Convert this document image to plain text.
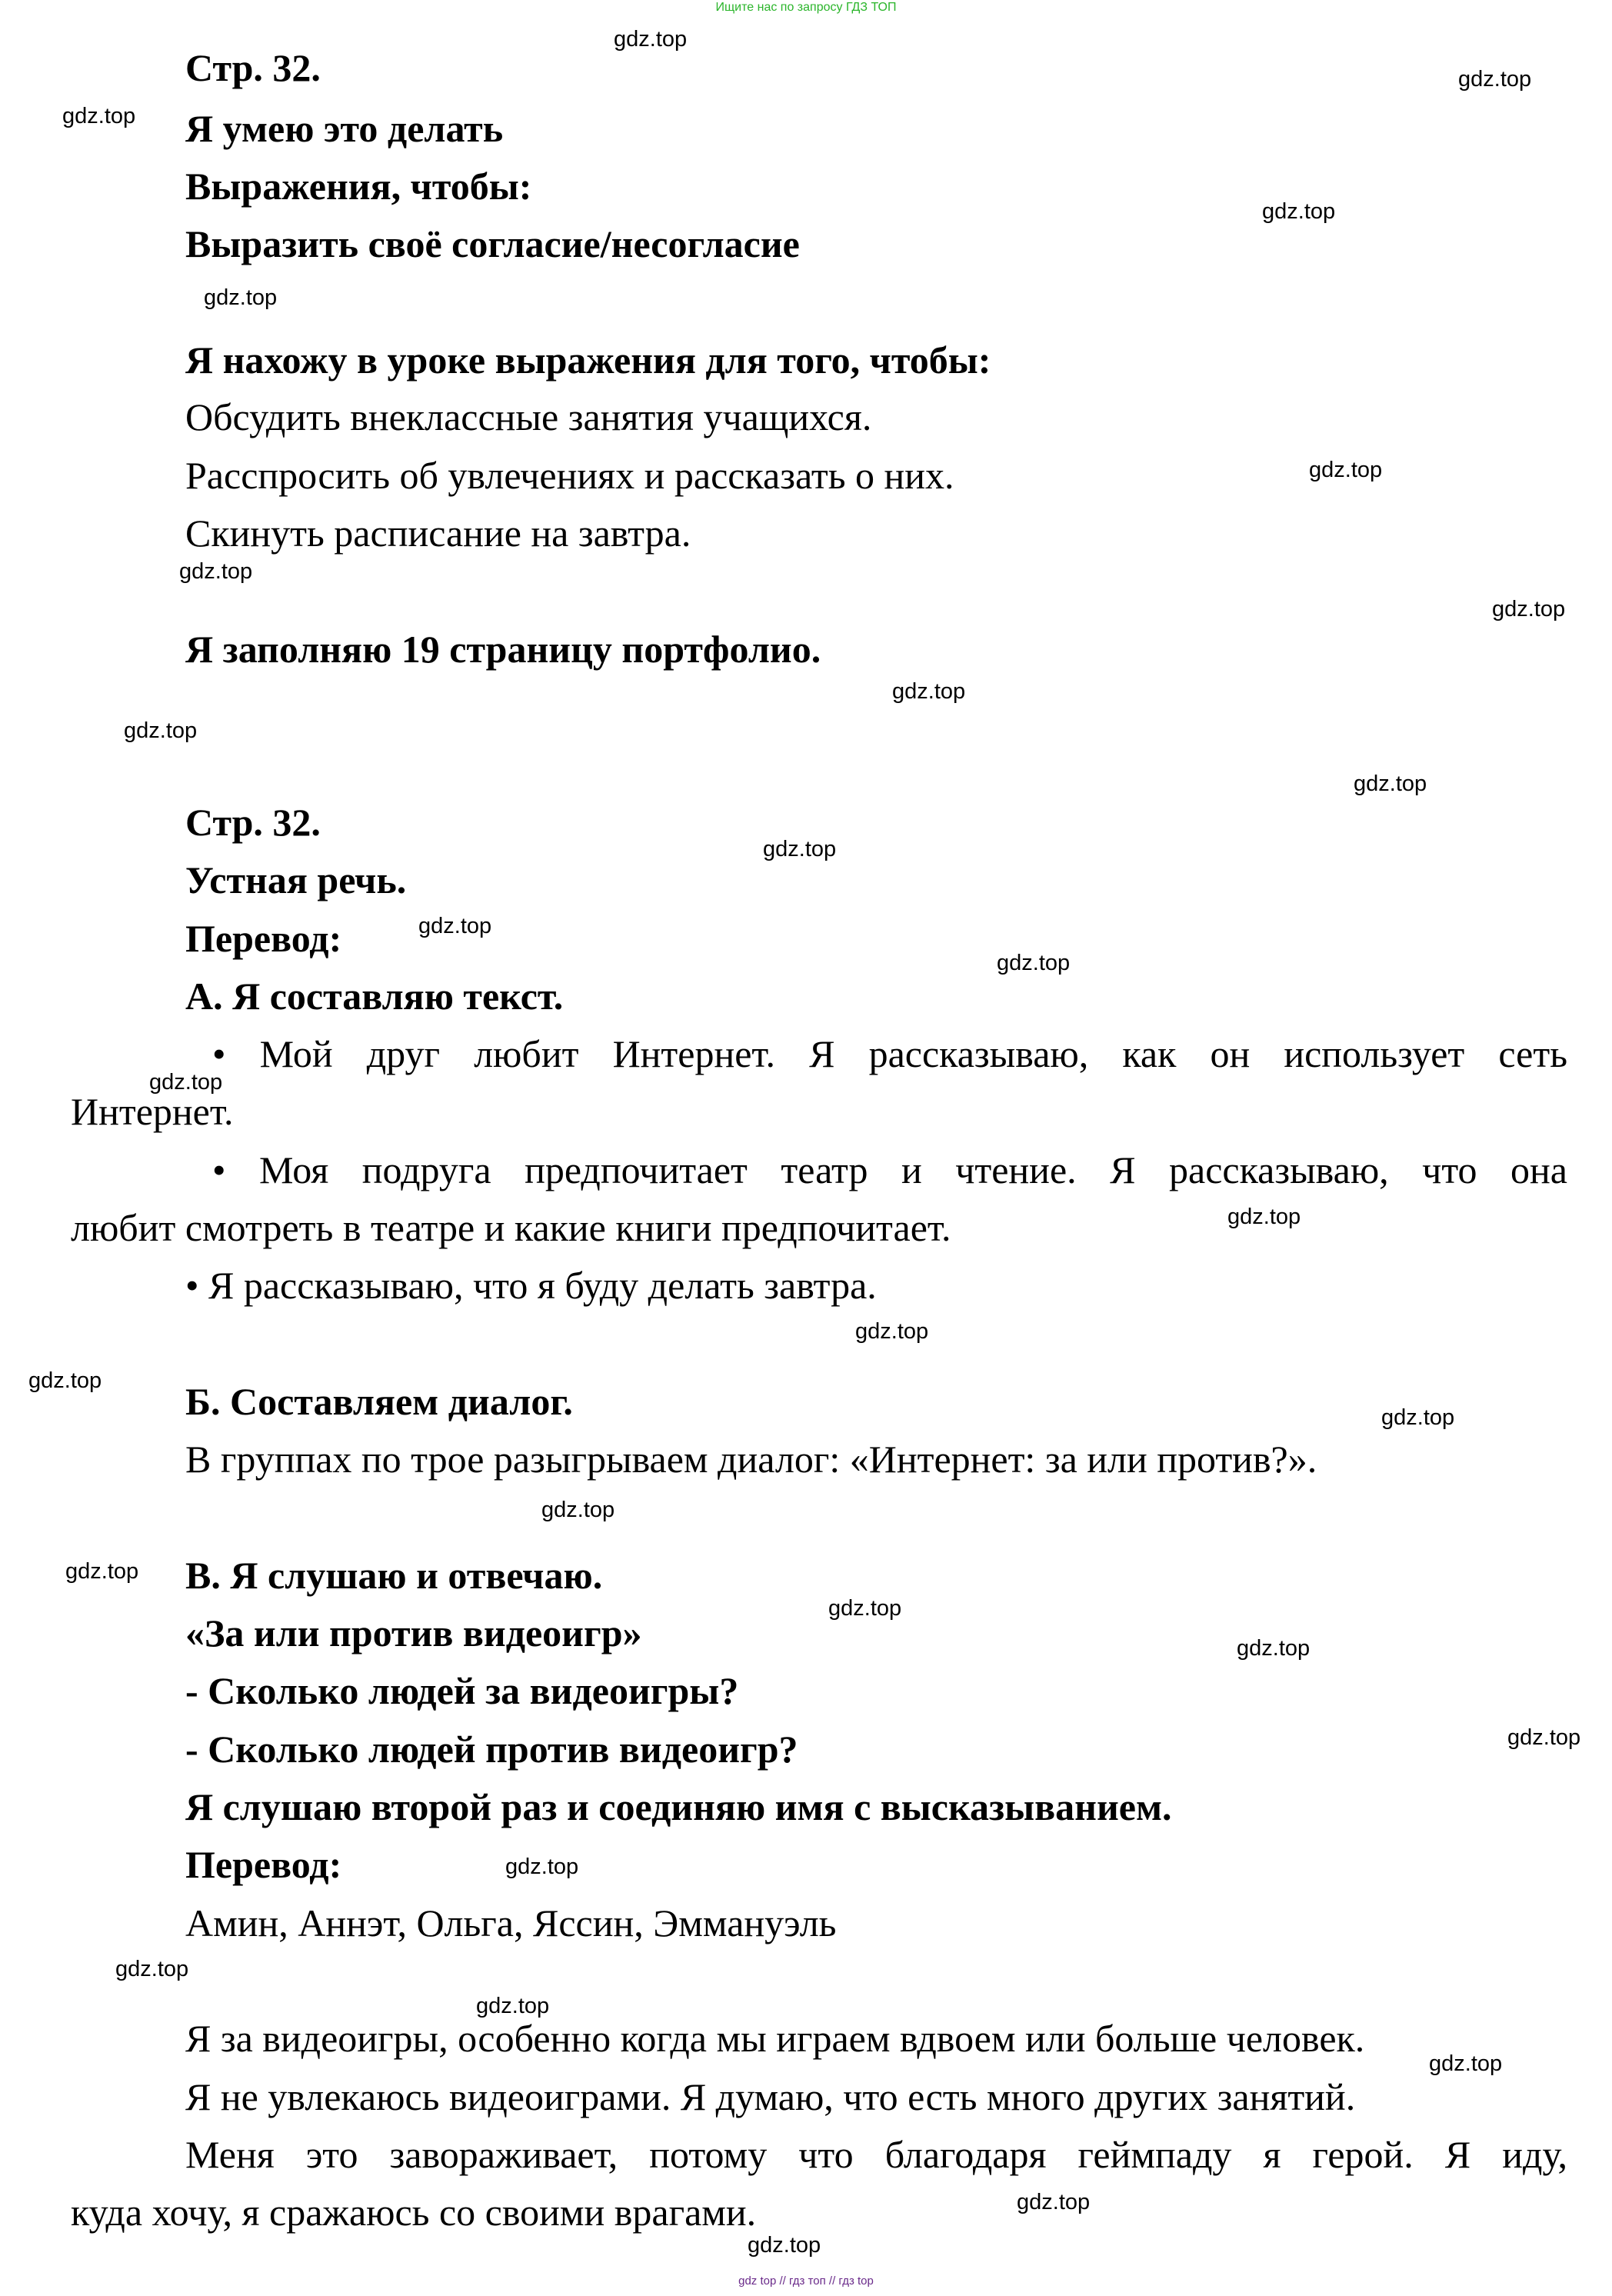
Ищите нас по запросу ГДЗ ТОП
Стр. 32.
Я умею это делать
Выражения, чтобы:
Выразить своё согласие/несогласие
Я нахожу в уроке выражения для того, чтобы:
Обсудить внеклассные занятия учащихся.
Расспросить об увлечениях и рассказать о них.
Скинуть расписание на завтра.
Я заполняю 19 страницу портфолио.
Стр. 32.
Устная речь.
Перевод:
А. Я составляю текст.
• Мой друг любит Интернет. Я рассказываю, как он использует сеть
Интернет.
• Моя подруга предпочитает театр и чтение. Я рассказываю, что она
любит смотреть в театре и какие книги предпочитает.
• Я рассказываю, что я буду делать завтра.
Б. Составляем диалог.
В группах по трое разыгрываем диалог: «Интернет: за или против?».
В. Я слушаю и отвечаю.
«За или против видеоигр»
- Сколько людей за видеоигры?
- Сколько людей против видеоигр?
Я слушаю второй раз и соединяю имя с высказыванием.
Перевод:
Амин, Аннэт, Ольга, Яссин, Эммануэль
Я за видеоигры, особенно когда мы играем вдвоем или больше человек.
Я не увлекаюсь видеоиграми. Я думаю, что есть много других занятий.
Меня это завораживает, потому что благодаря геймпаду я герой. Я иду,
куда хочу, я сражаюсь со своими врагами.
gdz.top
gdz.top
gdz.top
gdz.top
gdz.top
gdz.top
gdz.top
gdz.top
gdz.top
gdz.top
gdz.top
gdz.top
gdz.top
gdz.top
gdz.top
gdz.top
gdz.top
gdz.top
gdz.top
gdz.top
gdz.top
gdz.top
gdz.top
gdz.top
gdz.top
gdz.top
gdz.top
gdz.top
gdz.top
gdz.top
gdz top // гдз топ // гдз top
